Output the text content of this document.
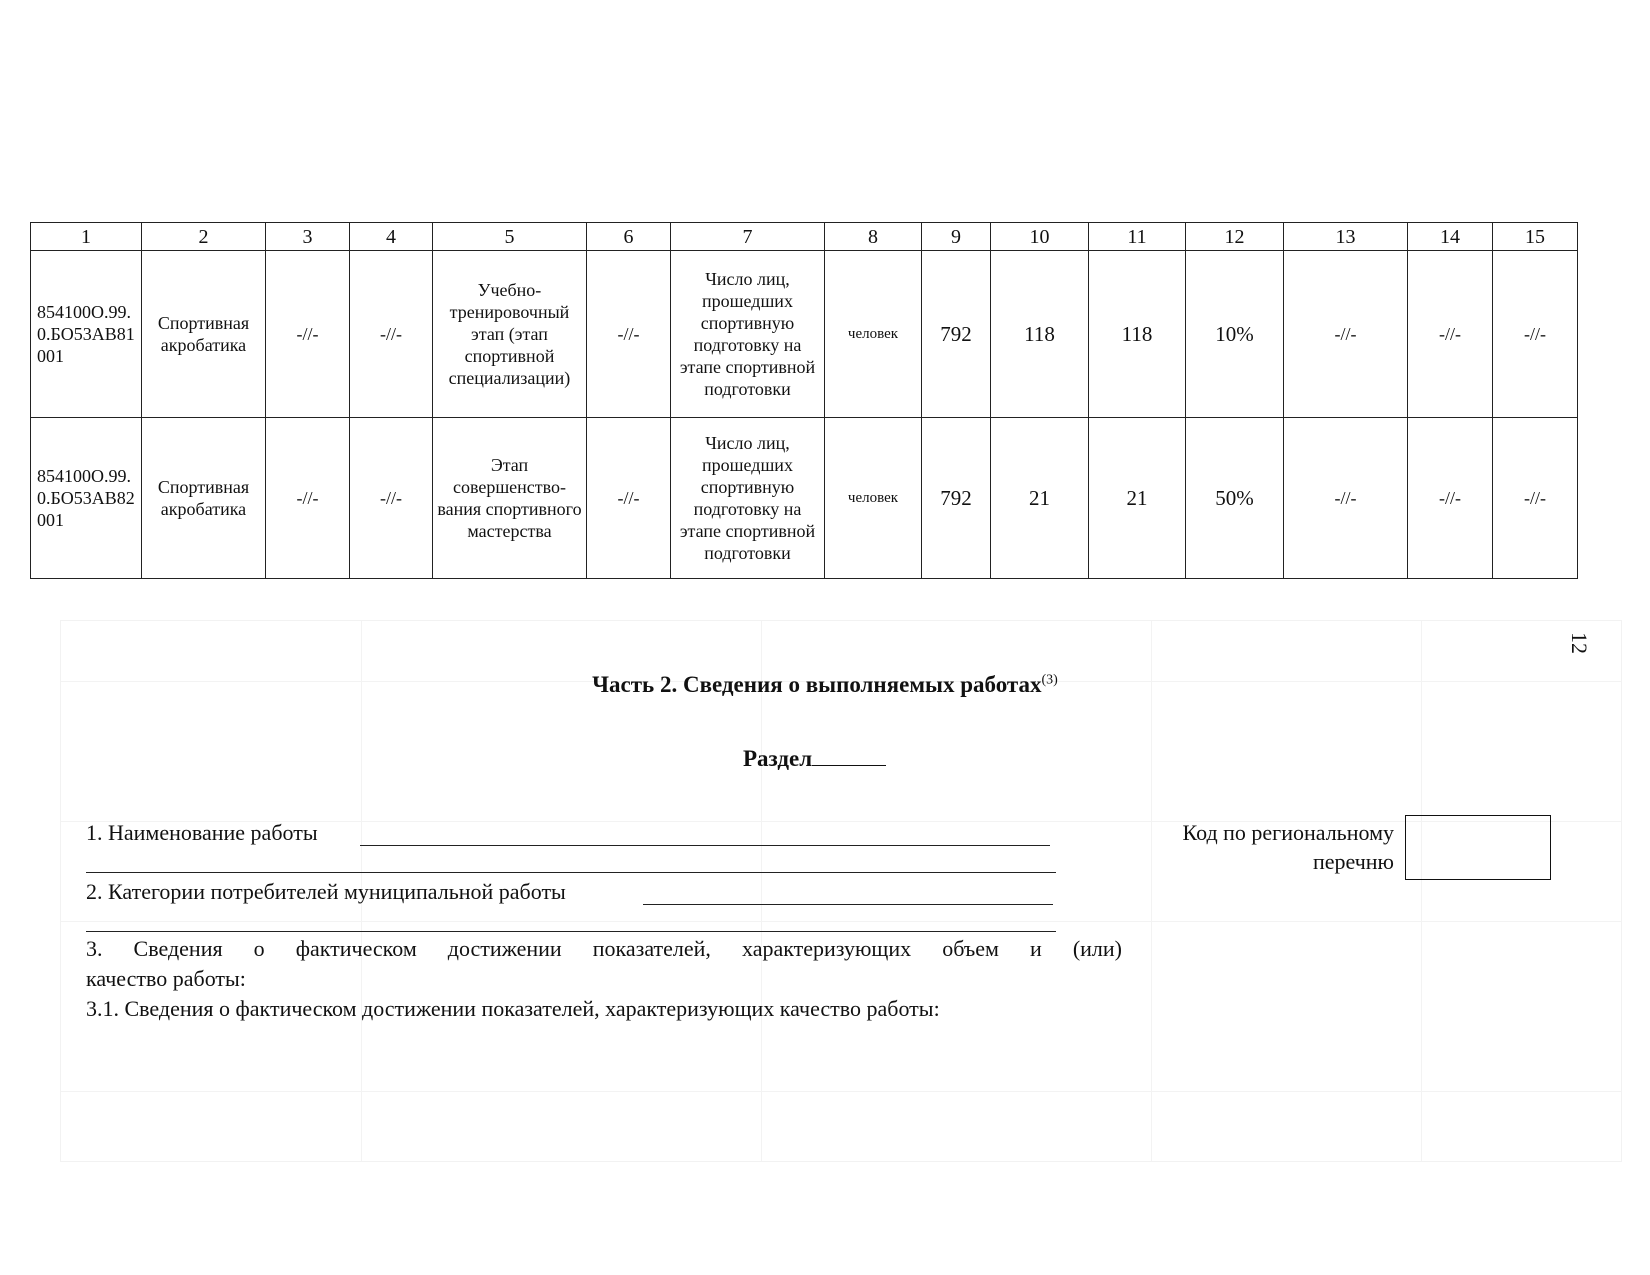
1	2	3	4	5	6	7	8	9	10	11	12	13	14	15
854100О.99.0.БО53АВ81001	Спортивная акробатика	-//-	-//-	Учебно-тренировочный этап (этап спортивной специализации)	-//-	Число лиц, прошедших спортивную подготовку на этапе спортивной подготовки	человек	792	118	118	10%	-//-	-//-	-//-
854100О.99.0.БО53АВ82001	Спортивная акробатика	-//-	-//-	Этап совершенство-вания спортивного мастерства	-//-	Число лиц, прошедших спортивную подготовку на этапе спортивной подготовки	человек	792	21	21	50%	-//-	-//-	-//-
12
Часть 2. Сведения о выполняемых работах$^{(3)}$
Раздел
1. Наименование работы
2. Категории потребителей муниципальной работы
3. Сведения о фактическом достижении показателей, характеризующих объем и (или)
качество работы:
3.1. Сведения о фактическом достижении показателей, характеризующих качество работы:
Код по региональному
перечню
